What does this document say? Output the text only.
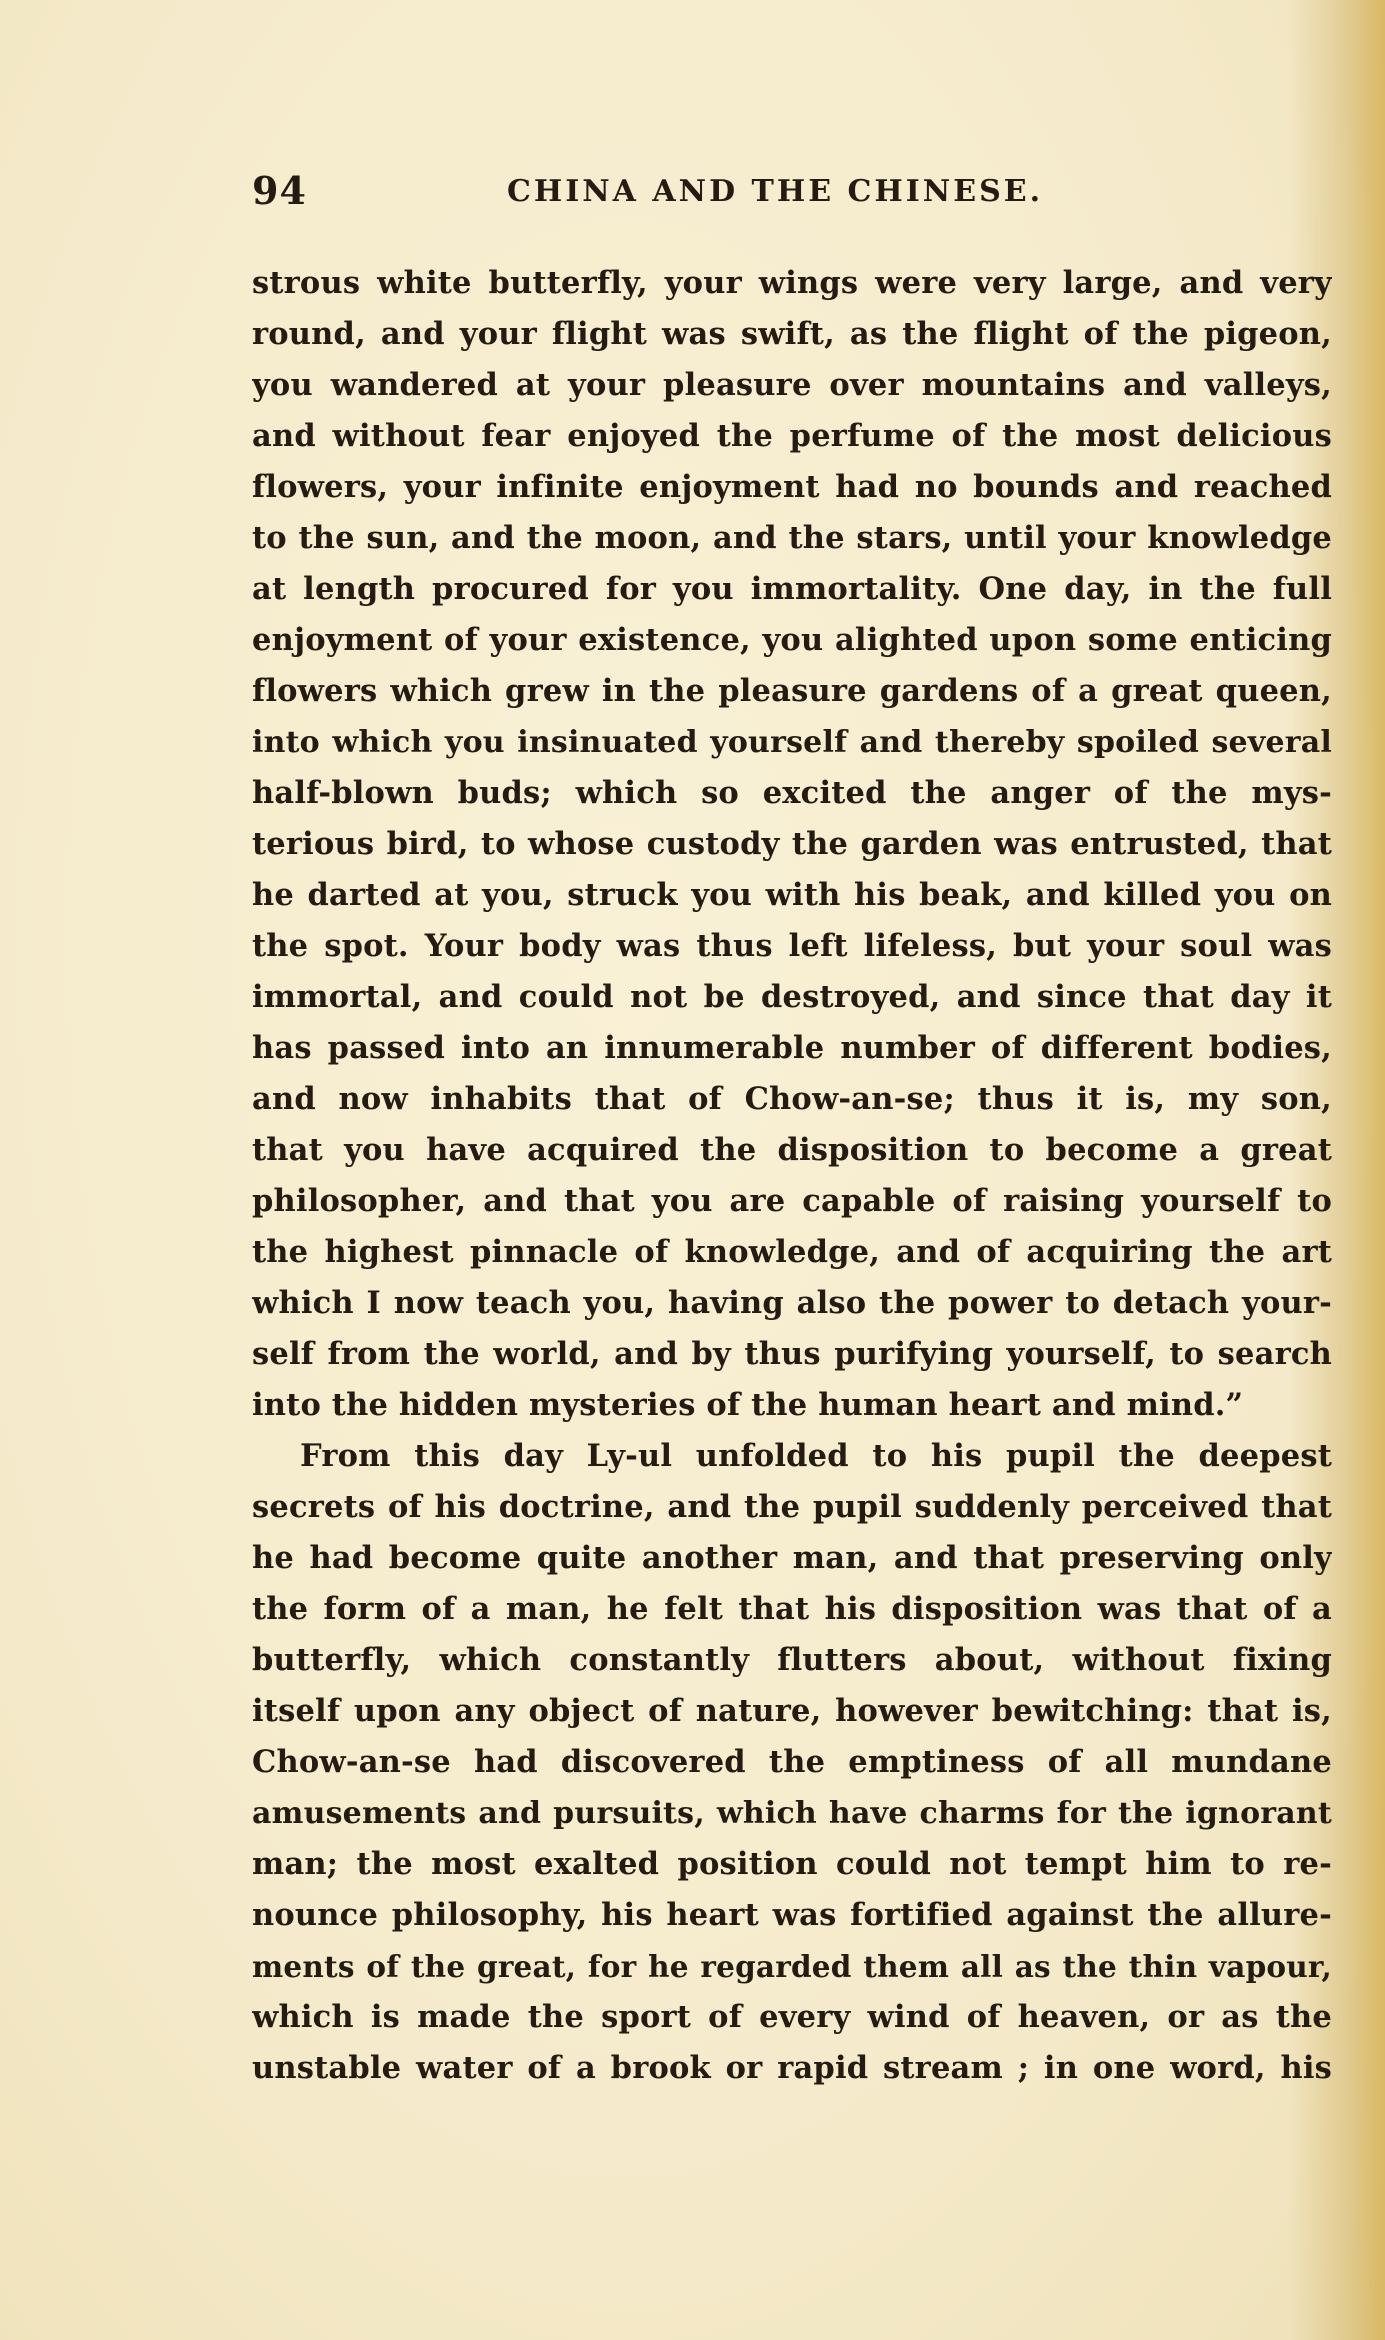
94	CHINA AND THE CHINESE.
strous white butterfly, your wings were very large, and very
round, and your flight was swift, as the flight of the pigeon,
you wandered at your pleasure over mountains and valleys,
and without fear enjoyed the perfume of the most delicious
flowers, your infinite enjoyment had no bounds and reached
to the sun, and the moon, and the stars, until your knowledge
at length procured for you immortality. One day, in the full
enjoyment of your existence, you alighted upon some enticing
flowers which grew in the pleasure gardens of a great queen,
into which you insinuated yourself and thereby spoiled several
half-blown buds; which so excited the anger of the mys-
terious bird, to whose custody the garden was entrusted, that
he darted at you, struck you with his beak, and killed you on
the spot. Your body was thus left lifeless, but your soul was
immortal, and could not be destroyed, and since that day it
has passed into an innumerable number of different bodies,
and now inhabits that of Chow-an-se; thus it is, my son,
that you have acquired the disposition to become a great
philosopher, and that you are capable of raising yourself to
the highest pinnacle of knowledge, and of acquiring the art
which I now teach you, having also the power to detach your-
self from the world, and by thus purifying yourself, to search
into the hidden mysteries of the human heart and mind.”
From this day Ly-ul unfolded to his pupil the deepest
secrets of his doctrine, and the pupil suddenly perceived that
he had become quite another man, and that preserving only
the form of a man, he felt that his disposition was that of a
butterfly, which constantly flutters about, without fixing
itself upon any object of nature, however bewitching: that is,
Chow-an-se had discovered the emptiness of all mundane
amusements and pursuits, which have charms for the ignorant
man; the most exalted position could not tempt him to re-
nounce philosophy, his heart was fortified against the allure-
ments of the great, for he regarded them all as the thin vapour,
which is made the sport of every wind of heaven, or as the
unstable water of a brook or rapid stream ; in one word, his
